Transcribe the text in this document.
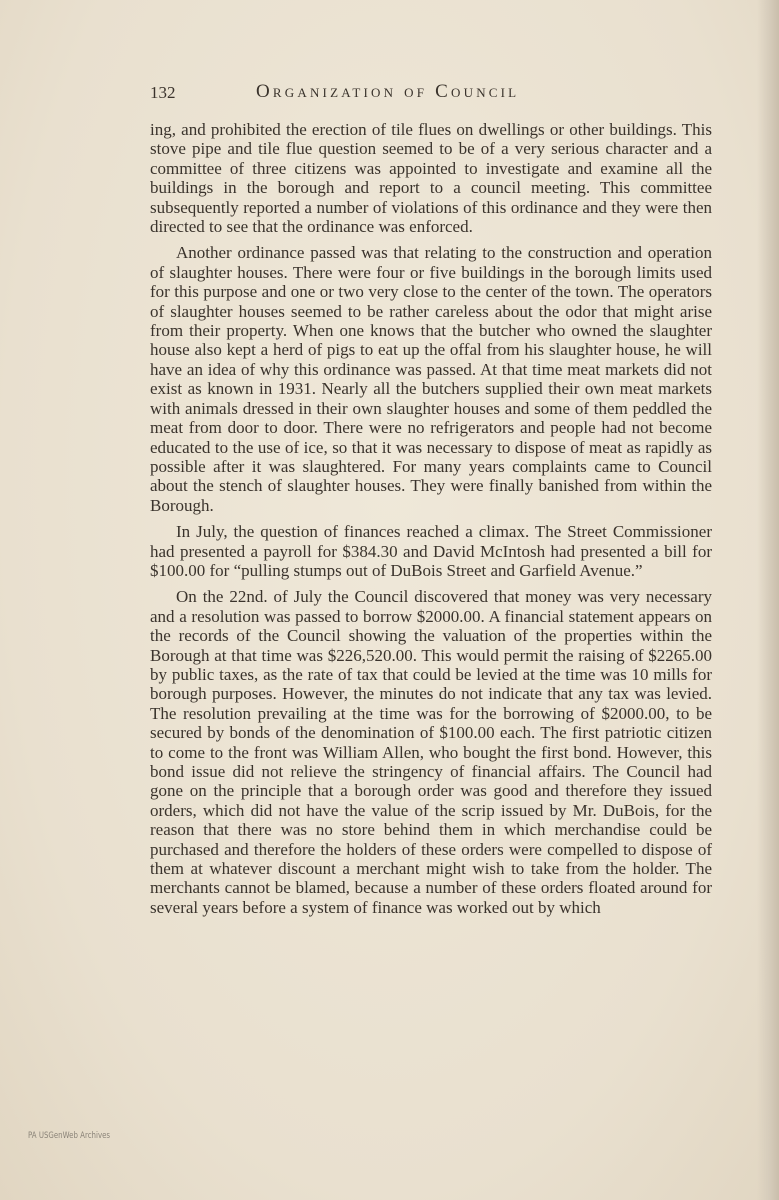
132	Organization of Council

ing, and prohibited the erection of tile flues on dwellings or other buildings. This stove pipe and tile flue question seemed to be of a very serious character and a committee of three citizens was appointed to investigate and examine all the buildings in the borough and report to a council meeting. This committee subsequently reported a number of violations of this ordinance and they were then directed to see that the ordinance was enforced.

Another ordinance passed was that relating to the construction and operation of slaughter houses. There were four or five buildings in the borough limits used for this purpose and one or two very close to the center of the town. The operators of slaughter houses seemed to be rather careless about the odor that might arise from their property. When one knows that the butcher who owned the slaughter house also kept a herd of pigs to eat up the offal from his slaughter house, he will have an idea of why this ordinance was passed. At that time meat markets did not exist as known in 1931. Nearly all the butchers supplied their own meat markets with animals dressed in their own slaughter houses and some of them peddled the meat from door to door. There were no refrigerators and people had not become educated to the use of ice, so that it was necessary to dispose of meat as rapidly as possible after it was slaughtered. For many years complaints came to Council about the stench of slaughter houses. They were finally banished from within the Borough.

In July, the question of finances reached a climax. The Street Commissioner had presented a payroll for $384.30 and David McIntosh had presented a bill for $100.00 for “pulling stumps out of DuBois Street and Garfield Avenue.”

On the 22nd. of July the Council discovered that money was very necessary and a resolution was passed to borrow $2000.00. A financial statement appears on the records of the Council showing the valuation of the properties within the Borough at that time was $226,520.00. This would permit the raising of $2265.00 by public taxes, as the rate of tax that could be levied at the time was 10 mills for borough purposes. However, the minutes do not indicate that any tax was levied. The resolution prevailing at the time was for the borrowing of $2000.00, to be secured by bonds of the denomination of $100.00 each. The first patriotic citizen to come to the front was William Allen, who bought the first bond. However, this bond issue did not relieve the stringency of financial affairs. The Council had gone on the principle that a borough order was good and therefore they issued orders, which did not have the value of the scrip issued by Mr. DuBois, for the reason that there was no store behind them in which merchandise could be purchased and therefore the holders of these orders were compelled to dispose of them at whatever discount a merchant might wish to take from the holder. The merchants cannot be blamed, because a number of these orders floated around for several years before a system of finance was worked out by which

PA USGenWeb Archives
